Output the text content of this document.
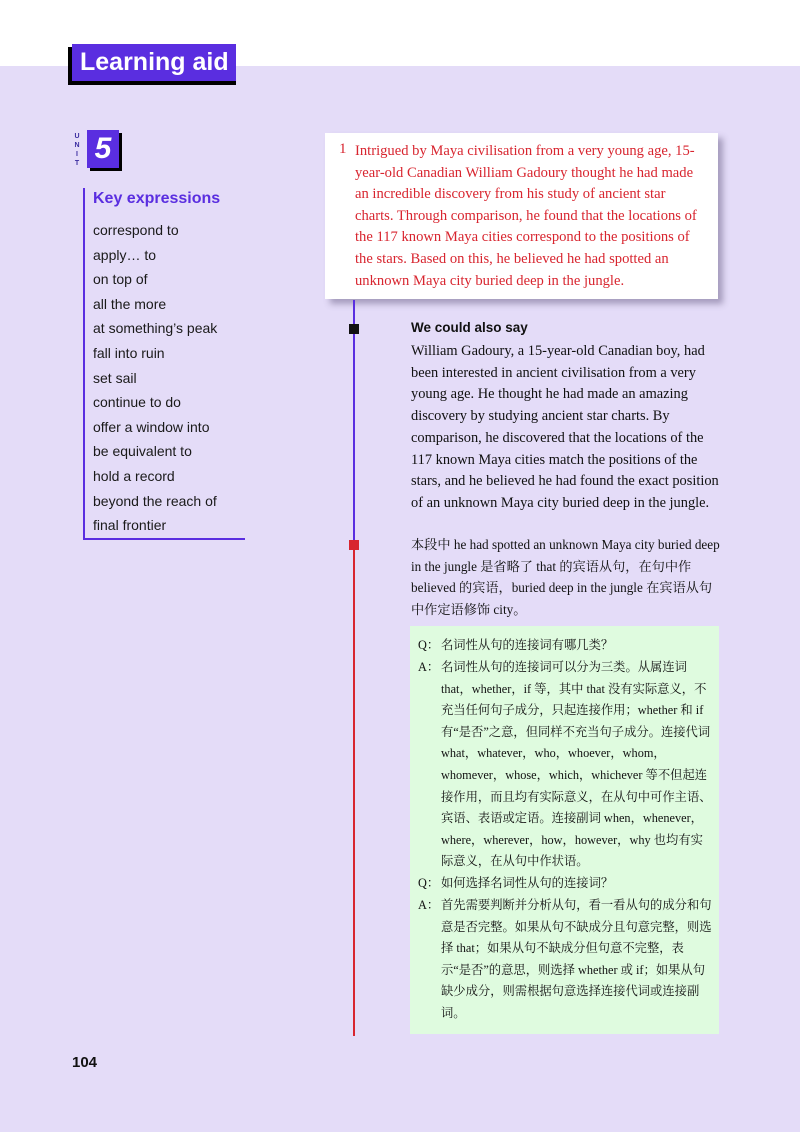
Learning aid
U
N
I
T 5
Key expressions
correspond to
apply… to
on top of
all the more
at something’s peak
fall into ruin
set sail
continue to do
offer a window into
be equivalent to
hold a record
beyond the reach of
final frontier
1 Intrigued by Maya civilisation from a very young age, 15-year-old Canadian William Gadoury thought he had made an incredible discovery from his study of ancient star charts. Through comparison, he found that the locations of the 117 known Maya cities correspond to the positions of the stars. Based on this, he believed he had spotted an unknown Maya city buried deep in the jungle.

We could also say

William Gadoury, a 15-year-old Canadian boy, had been interested in ancient civilisation from a very young age. He thought he had made an amazing discovery by studying ancient star charts. By comparison, he discovered that the locations of the 117 known Maya cities match the positions of the stars, and he believed he had found the exact position of an unknown Maya city buried deep in the jungle.

本段中 he had spotted an unknown Maya city buried deep in the jungle 是省略了 that 的宾语从句，在句中作 believed 的宾语，buried deep in the jungle 在宾语从句中作定语修饰 city。

Q： 名词性从句的连接词有哪几类？

A： 名词性从句的连接词可以分为三类。从属连词 that，whether，if 等，其中 that 没有实际意义，不充当任何句子成分，只起连接作用；whether 和 if 有“是否”之意，但同样不充当句子成分。连接代词 what，whatever，who，whoever，whom，whomever，whose，which，whichever 等不但起连接作用，而且均有实际意义，在从句中可作主语、宾语、表语或定语。连接副词 when，whenever，where，wherever，how，however，why 也均有实际意义，在从句中作状语。

Q： 如何选择名词性从句的连接词？

A： 首先需要判断并分析从句，看一看从句的成分和句意是否完整。如果从句不缺成分且句意完整，则选择 that；如果从句不缺成分但句意不完整，表示“是否”的意思，则选择 whether 或 if；如果从句缺少成分，则需根据句意选择连接代词或连接副词。

104
